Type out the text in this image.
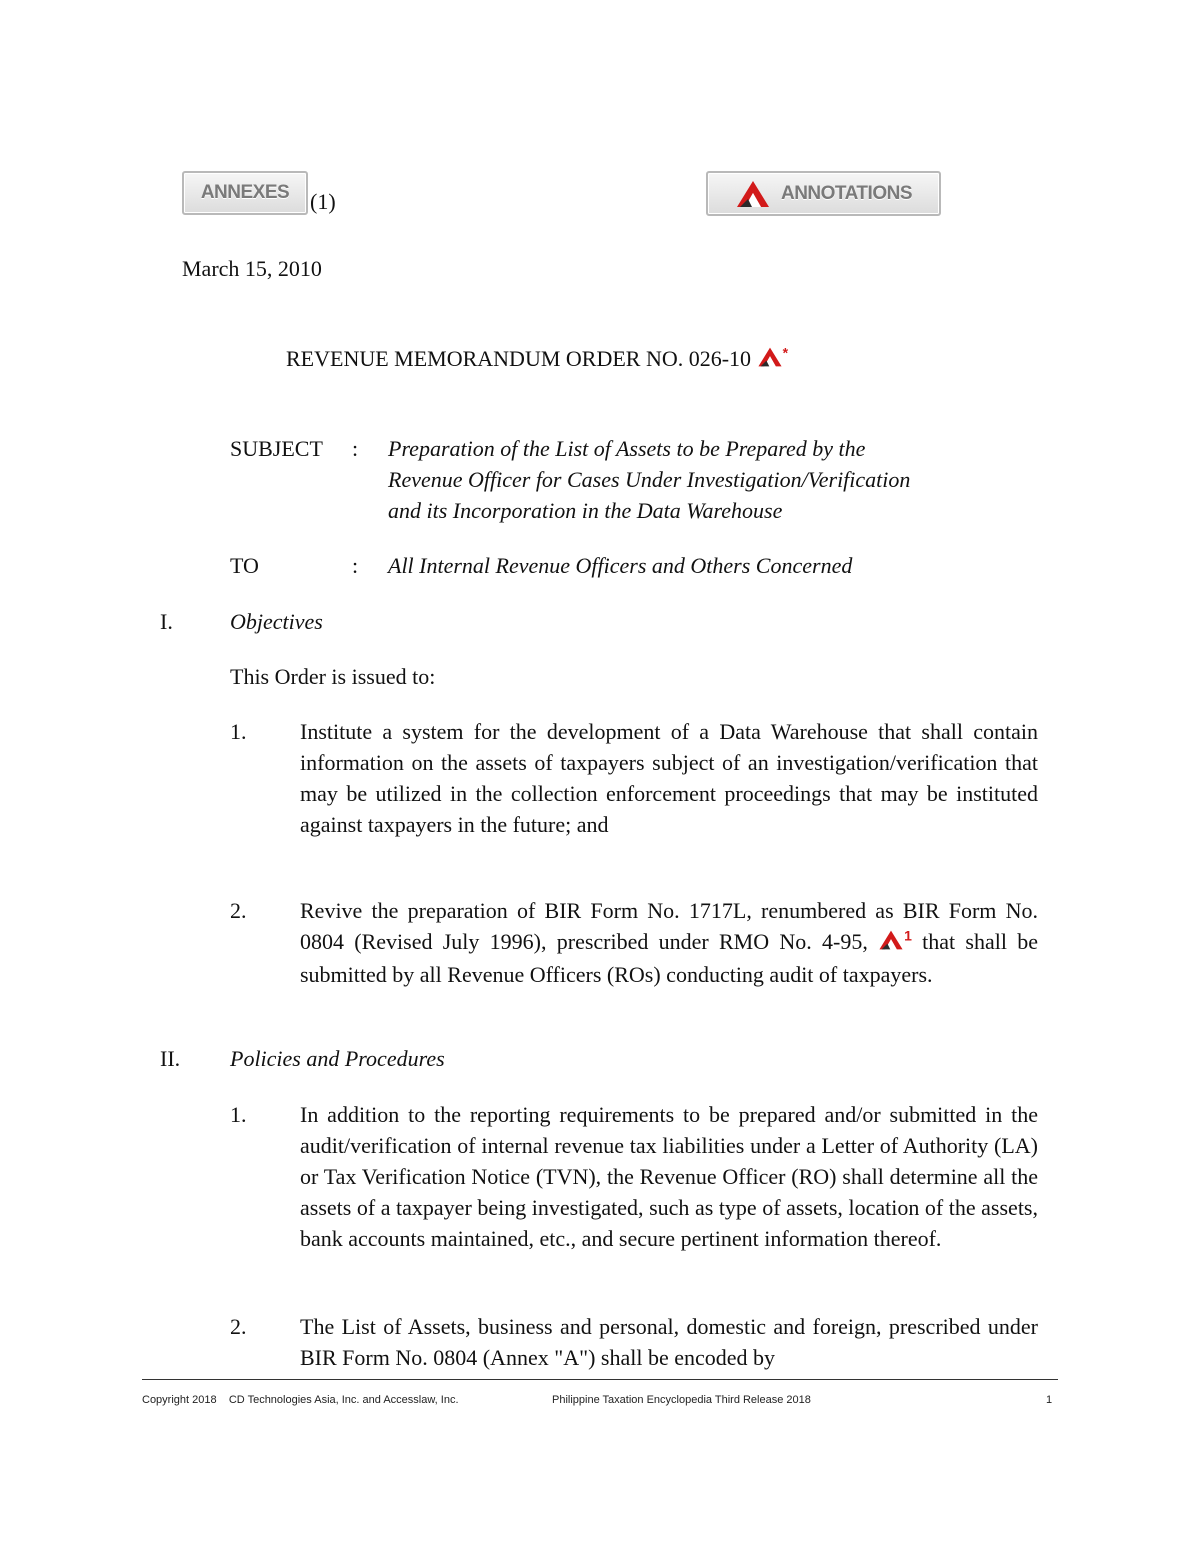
ANNEXES (1)	ANNOTATIONS
March 15, 2010
REVENUE MEMORANDUM ORDER NO. 026-10 *
SUBJECT : Preparation of the List of Assets to be Prepared by the
Revenue Officer for Cases Under Investigation/Verification
and its Incorporation in the Data Warehouse
TO	: All Internal Revenue Officers and Others Concerned
I.	Objectives
This Order is issued to:
1. Institute a system for the development of a Data Warehouse that shall contain information on the assets of taxpayers subject of an investigation/verification that may be utilized in the collection enforcement proceedings that may be instituted against taxpayers in the future; and
2. Revive the preparation of BIR Form No. 1717L, renumbered as BIR Form No. 0804 (Revised July 1996), prescribed under RMO No. 4-95,	$^1$ that shall be submitted by all Revenue Officers (ROs) conducting audit of taxpayers.
II. Policies and Procedures
1. In addition to the reporting requirements to be prepared and/or submitted in the audit/verification of internal revenue tax liabilities under a Letter of Authority (LA) or Tax Verification Notice (TVN), the Revenue Officer (RO) shall determine all the assets of a taxpayer being investigated, such as type of assets, location of the assets, bank accounts maintained, etc., and secure pertinent information thereof.
2. The List of Assets, business and personal, domestic and foreign, prescribed under BIR Form No. 0804 (Annex "A") shall be encoded by
Copyright 2018    CD Technologies Asia, Inc. and Accesslaw, Inc.	Philippine Taxation Encyclopedia Third Release 2018	1
